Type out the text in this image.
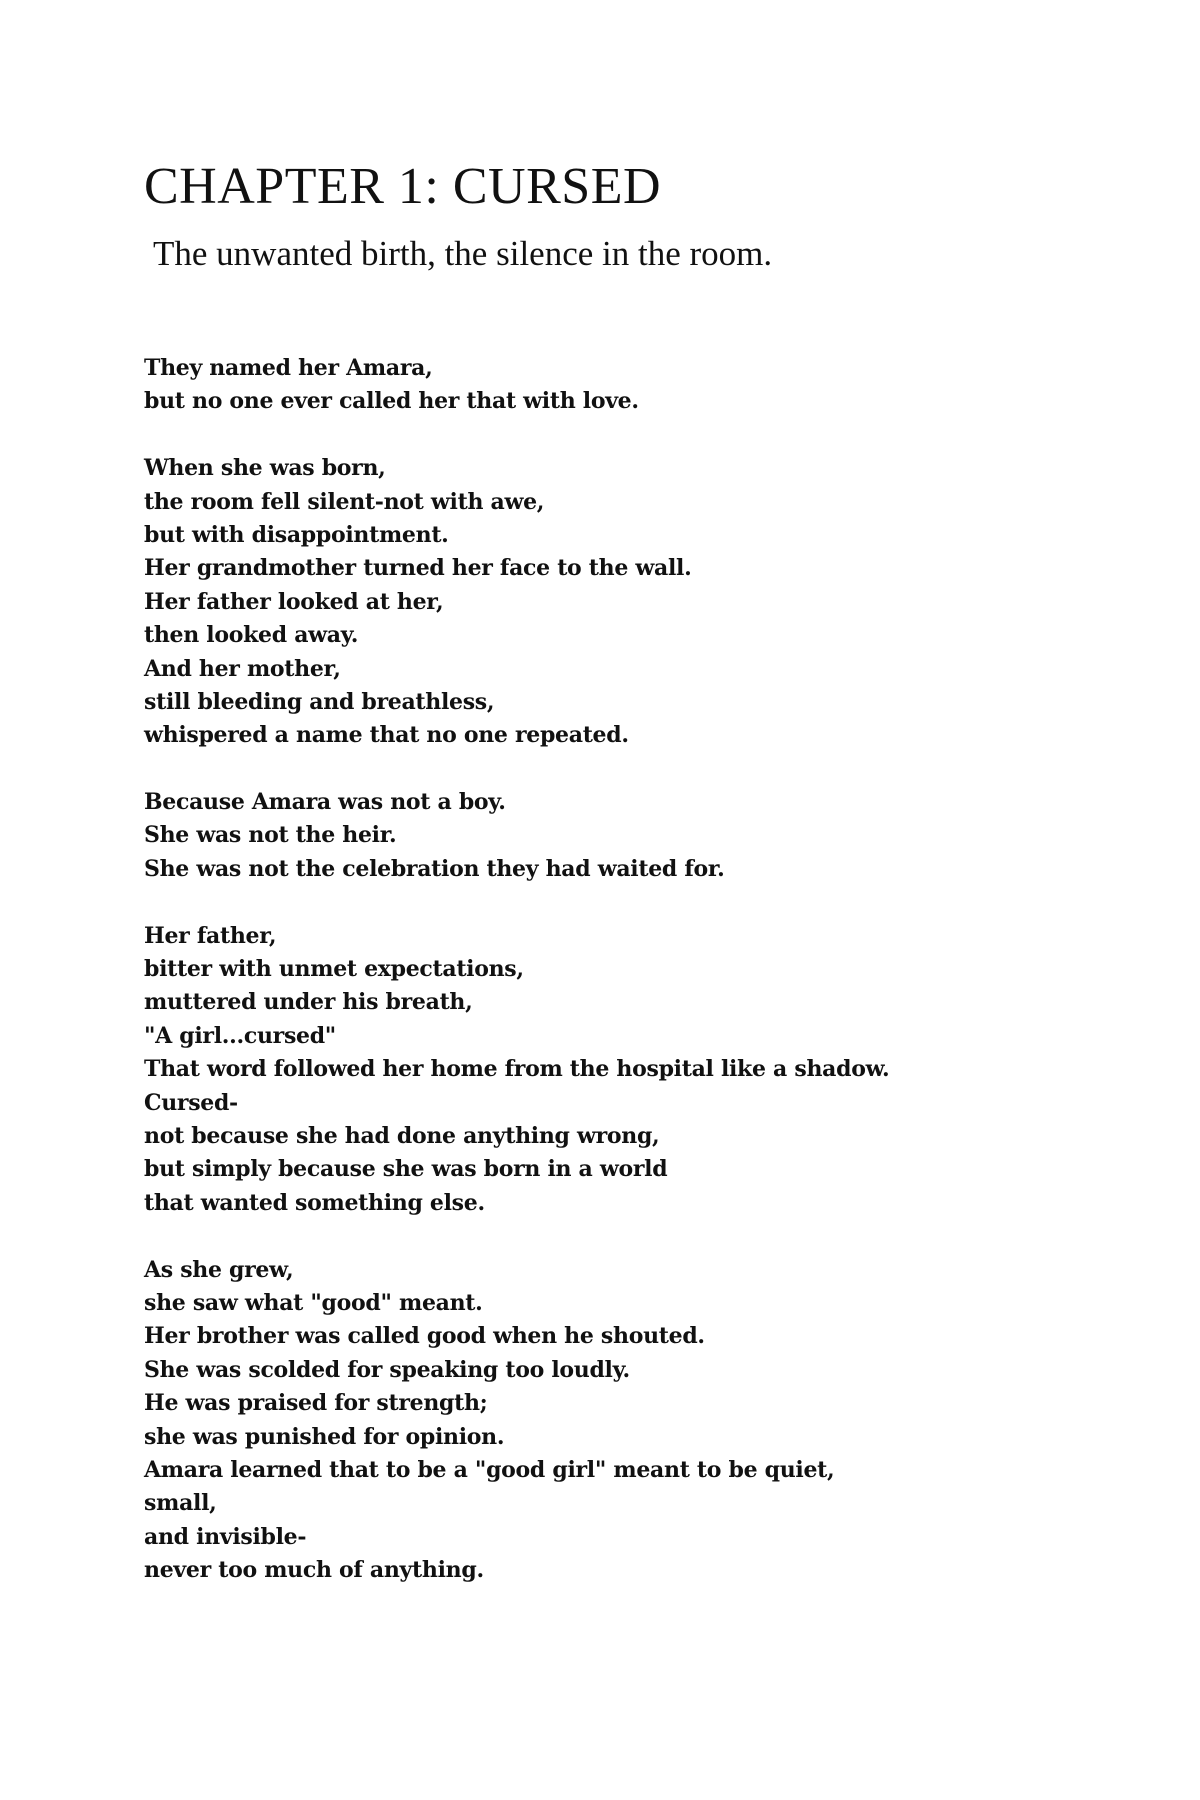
CHAPTER 1: CURSED
The unwanted birth, the silence in the room.

They named her Amara,
but no one ever called her that with love.

When she was born,
the room fell silent-not with awe,
but with disappointment.
Her grandmother turned her face to the wall.
Her father looked at her,
then looked away.
And her mother,
still bleeding and breathless,
whispered a name that no one repeated.

Because Amara was not a boy.
She was not the heir.
She was not the celebration they had waited for.

Her father,
bitter with unmet expectations,
muttered under his breath,
"A girl...cursed"
That word followed her home from the hospital like a shadow.
Cursed-
not because she had done anything wrong,
but simply because she was born in a world
that wanted something else.

As she grew,
she saw what "good" meant.
Her brother was called good when he shouted.
She was scolded for speaking too loudly.
He was praised for strength;
she was punished for opinion.
Amara learned that to be a "good girl" meant to be quiet,
small,
and invisible-
never too much of anything.
